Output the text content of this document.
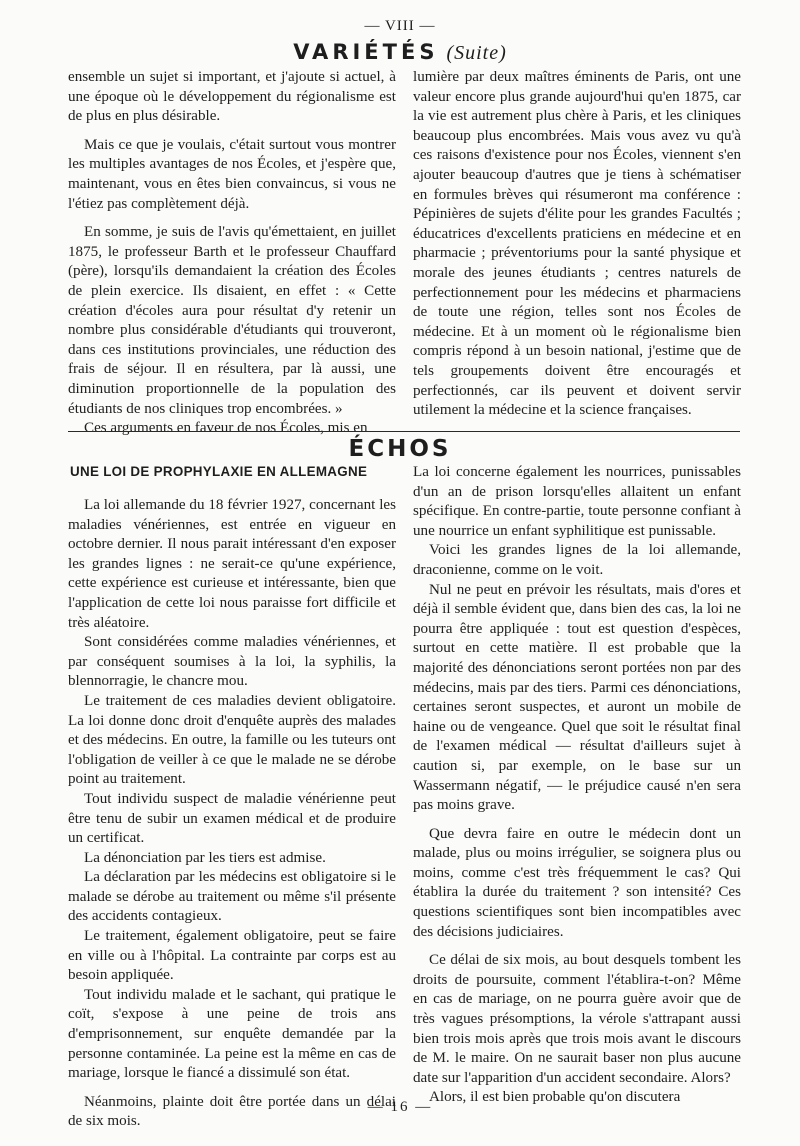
— VIII —
VARIÉTÉS (Suite)

ensemble un sujet si important, et j'ajoute si actuel, à une époque où le développement du régionalisme est de plus en plus désirable.

Mais ce que je voulais, c'était surtout vous montrer les multiples avantages de nos Écoles, et j'espère que, maintenant, vous en êtes bien convaincus, si vous ne l'étiez pas complètement déjà.

En somme, je suis de l'avis qu'émettaient, en juillet 1875, le professeur Barth et le professeur Chauffard (père), lorsqu'ils demandaient la création des Écoles de plein exercice. Ils disaient, en effet : « Cette création d'écoles aura pour résultat d'y retenir un nombre plus considérable d'étudiants qui trouveront, dans ces institutions provinciales, une réduction des frais de séjour. Il en résultera, par là aussi, une diminution proportionnelle de la population des étudiants de nos cliniques trop encombrées. »

Ces arguments en faveur de nos Écoles, mis en

lumière par deux maîtres éminents de Paris, ont une valeur encore plus grande aujourd'hui qu'en 1875, car la vie est autrement plus chère à Paris, et les cliniques beaucoup plus encombrées. Mais vous avez vu qu'à ces raisons d'existence pour nos Écoles, viennent s'en ajouter beaucoup d'autres que je tiens à schématiser en formules brèves qui résumeront ma conférence : Pépinières de sujets d'élite pour les grandes Facultés ; éducatrices d'excellents praticiens en médecine et en pharmacie ; préventoriums pour la santé physique et morale des jeunes étudiants ; centres naturels de perfectionnement pour les médecins et pharmaciens de toute une région, telles sont nos Écoles de médecine. Et à un moment où le régionalisme bien compris répond à un besoin national, j'estime que de tels groupements doivent être encouragés et perfectionnés, car ils peuvent et doivent servir utilement la médecine et la science françaises.

ÉCHOS
UNE LOI DE PROPHYLAXIE EN ALLEMAGNE

La loi allemande du 18 février 1927, concernant les maladies vénériennes, est entrée en vigueur en octobre dernier. Il nous parait intéressant d'en exposer les grandes lignes : ne serait-ce qu'une expérience, cette expérience est curieuse et intéressante, bien que l'application de cette loi nous paraisse fort difficile et très aléatoire.

Sont considérées comme maladies vénériennes, et par conséquent soumises à la loi, la syphilis, la blennorragie, le chancre mou.

Le traitement de ces maladies devient obligatoire. La loi donne donc droit d'enquête auprès des malades et des médecins. En outre, la famille ou les tuteurs ont l'obligation de veiller à ce que le malade ne se dérobe point au traitement.

Tout individu suspect de maladie vénérienne peut être tenu de subir un examen médical et de produire un certificat.

La dénonciation par les tiers est admise.

La déclaration par les médecins est obligatoire si le malade se dérobe au traitement ou même s'il présente des accidents contagieux.

Le traitement, également obligatoire, peut se faire en ville ou à l'hôpital. La contrainte par corps est au besoin appliquée.

Tout individu malade et le sachant, qui pratique le coït, s'expose à une peine de trois ans d'emprisonnement, sur enquête demandée par la personne contaminée. La peine est la même en cas de mariage, lorsque le fiancé a dissimulé son état.

Néanmoins, plainte doit être portée dans un délai de six mois.

La loi concerne également les nourrices, punissables d'un an de prison lorsqu'elles allaitent un enfant spécifique. En contre-partie, toute personne confiant à une nourrice un enfant syphilitique est punissable.

Voici les grandes lignes de la loi allemande, draconienne, comme on le voit.

Nul ne peut en prévoir les résultats, mais d'ores et déjà il semble évident que, dans bien des cas, la loi ne pourra être appliquée : tout est question d'espèces, surtout en cette matière. Il est probable que la majorité des dénonciations seront portées non par des médecins, mais par des tiers. Parmi ces dénonciations, certaines seront suspectes, et auront un mobile de haine ou de vengeance. Quel que soit le résultat final de l'examen médical — résultat d'ailleurs sujet à caution si, par exemple, on le base sur un Wassermann négatif, — le préjudice causé n'en sera pas moins grave.

Que devra faire en outre le médecin dont un malade, plus ou moins irrégulier, se soignera plus ou moins, comme c'est très fréquemment le cas? Qui établira la durée du traitement ? son intensité? Ces questions scientifiques sont bien incompatibles avec des décisions judiciaires.

Ce délai de six mois, au bout desquels tombent les droits de poursuite, comment l'établira-t-on? Même en cas de mariage, on ne pourra guère avoir que de très vagues présomptions, la vérole s'attrapant aussi bien trois mois après que trois mois avant le discours de M. le maire. On ne saurait baser non plus aucune date sur l'apparition d'un accident secondaire. Alors?

Alors, il est bien probable qu'on discutera

— 16 —
